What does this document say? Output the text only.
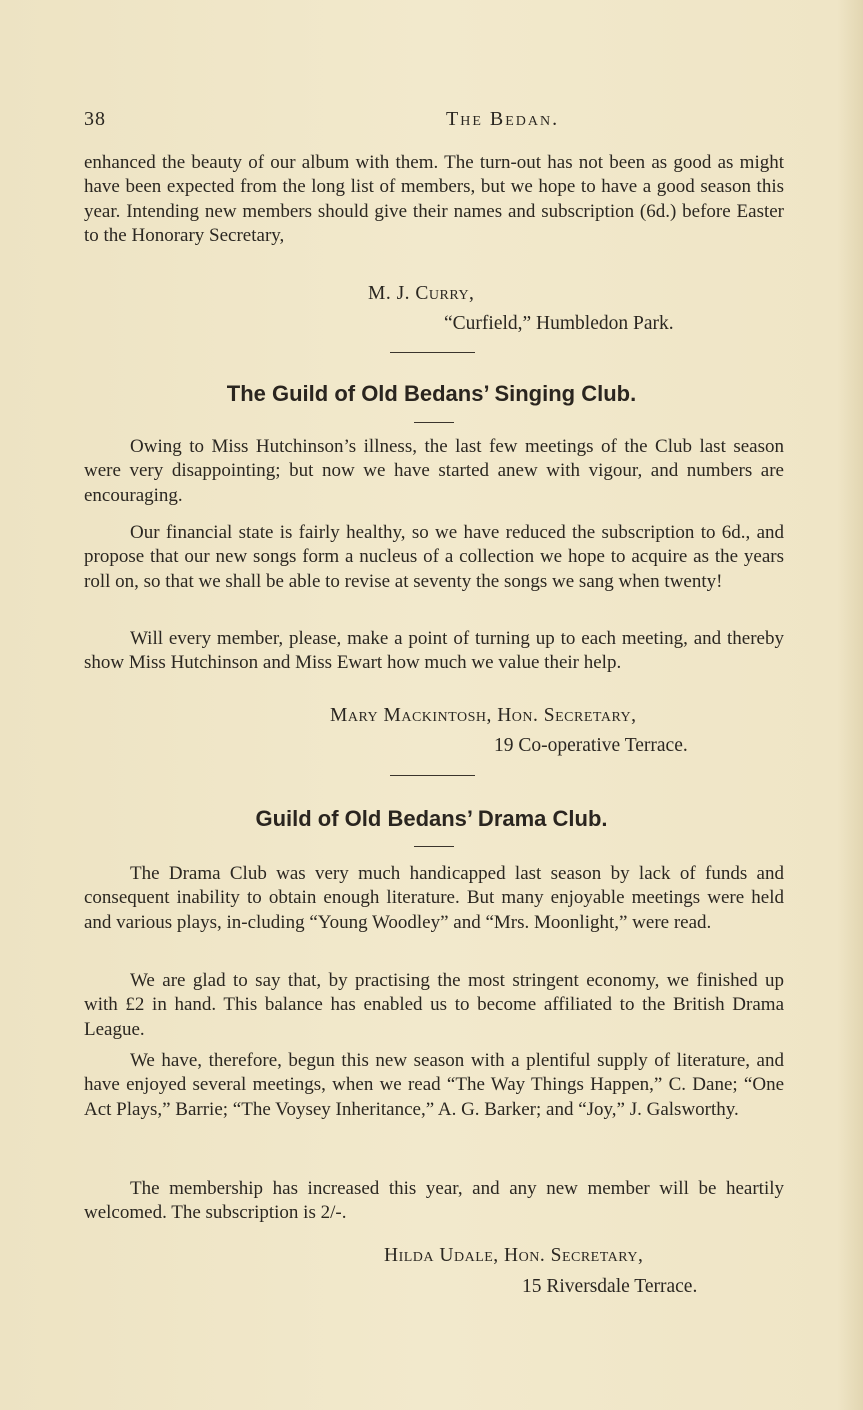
38	The Bedan.

enhanced the beauty of our album with them. The turn-out has not been as good as might have been expected from the long list of members, but we hope to have a good season this year. Intending new members should give their names and subscription (6d.) before Easter to the Honorary Secretary,

M. J. Curry,
“Curfield,” Humbledon Park.
The Guild of Old Bedans’ Singing Club.

Owing to Miss Hutchinson’s illness, the last few meetings of the Club last season were very disappointing; but now we have started anew with vigour, and numbers are encouraging.

Our financial state is fairly healthy, so we have reduced the subscription to 6d., and propose that our new songs form a nucleus of a collection we hope to acquire as the years roll on, so that we shall be able to revise at seventy the songs we sang when twenty!

Will every member, please, make a point of turning up to each meeting, and thereby show Miss Hutchinson and Miss Ewart how much we value their help.

Mary Mackintosh, Hon. Secretary,
19 Co-operative Terrace.
Guild of Old Bedans’ Drama Club.

The Drama Club was very much handicapped last season by lack of funds and consequent inability to obtain enough literature. But many enjoyable meetings were held and various plays, in-cluding “Young Woodley” and “Mrs. Moonlight,” were read.

We are glad to say that, by practising the most stringent economy, we finished up with £2 in hand. This balance has enabled us to become affiliated to the British Drama League.

We have, therefore, begun this new season with a plentiful supply of literature, and have enjoyed several meetings, when we read “The Way Things Happen,” C. Dane; “One Act Plays,” Barrie; “The Voysey Inheritance,” A. G. Barker; and “Joy,” J. Galsworthy.

The membership has increased this year, and any new member will be heartily welcomed. The subscription is 2/-.

Hilda Udale, Hon. Secretary,
15 Riversdale Terrace.
